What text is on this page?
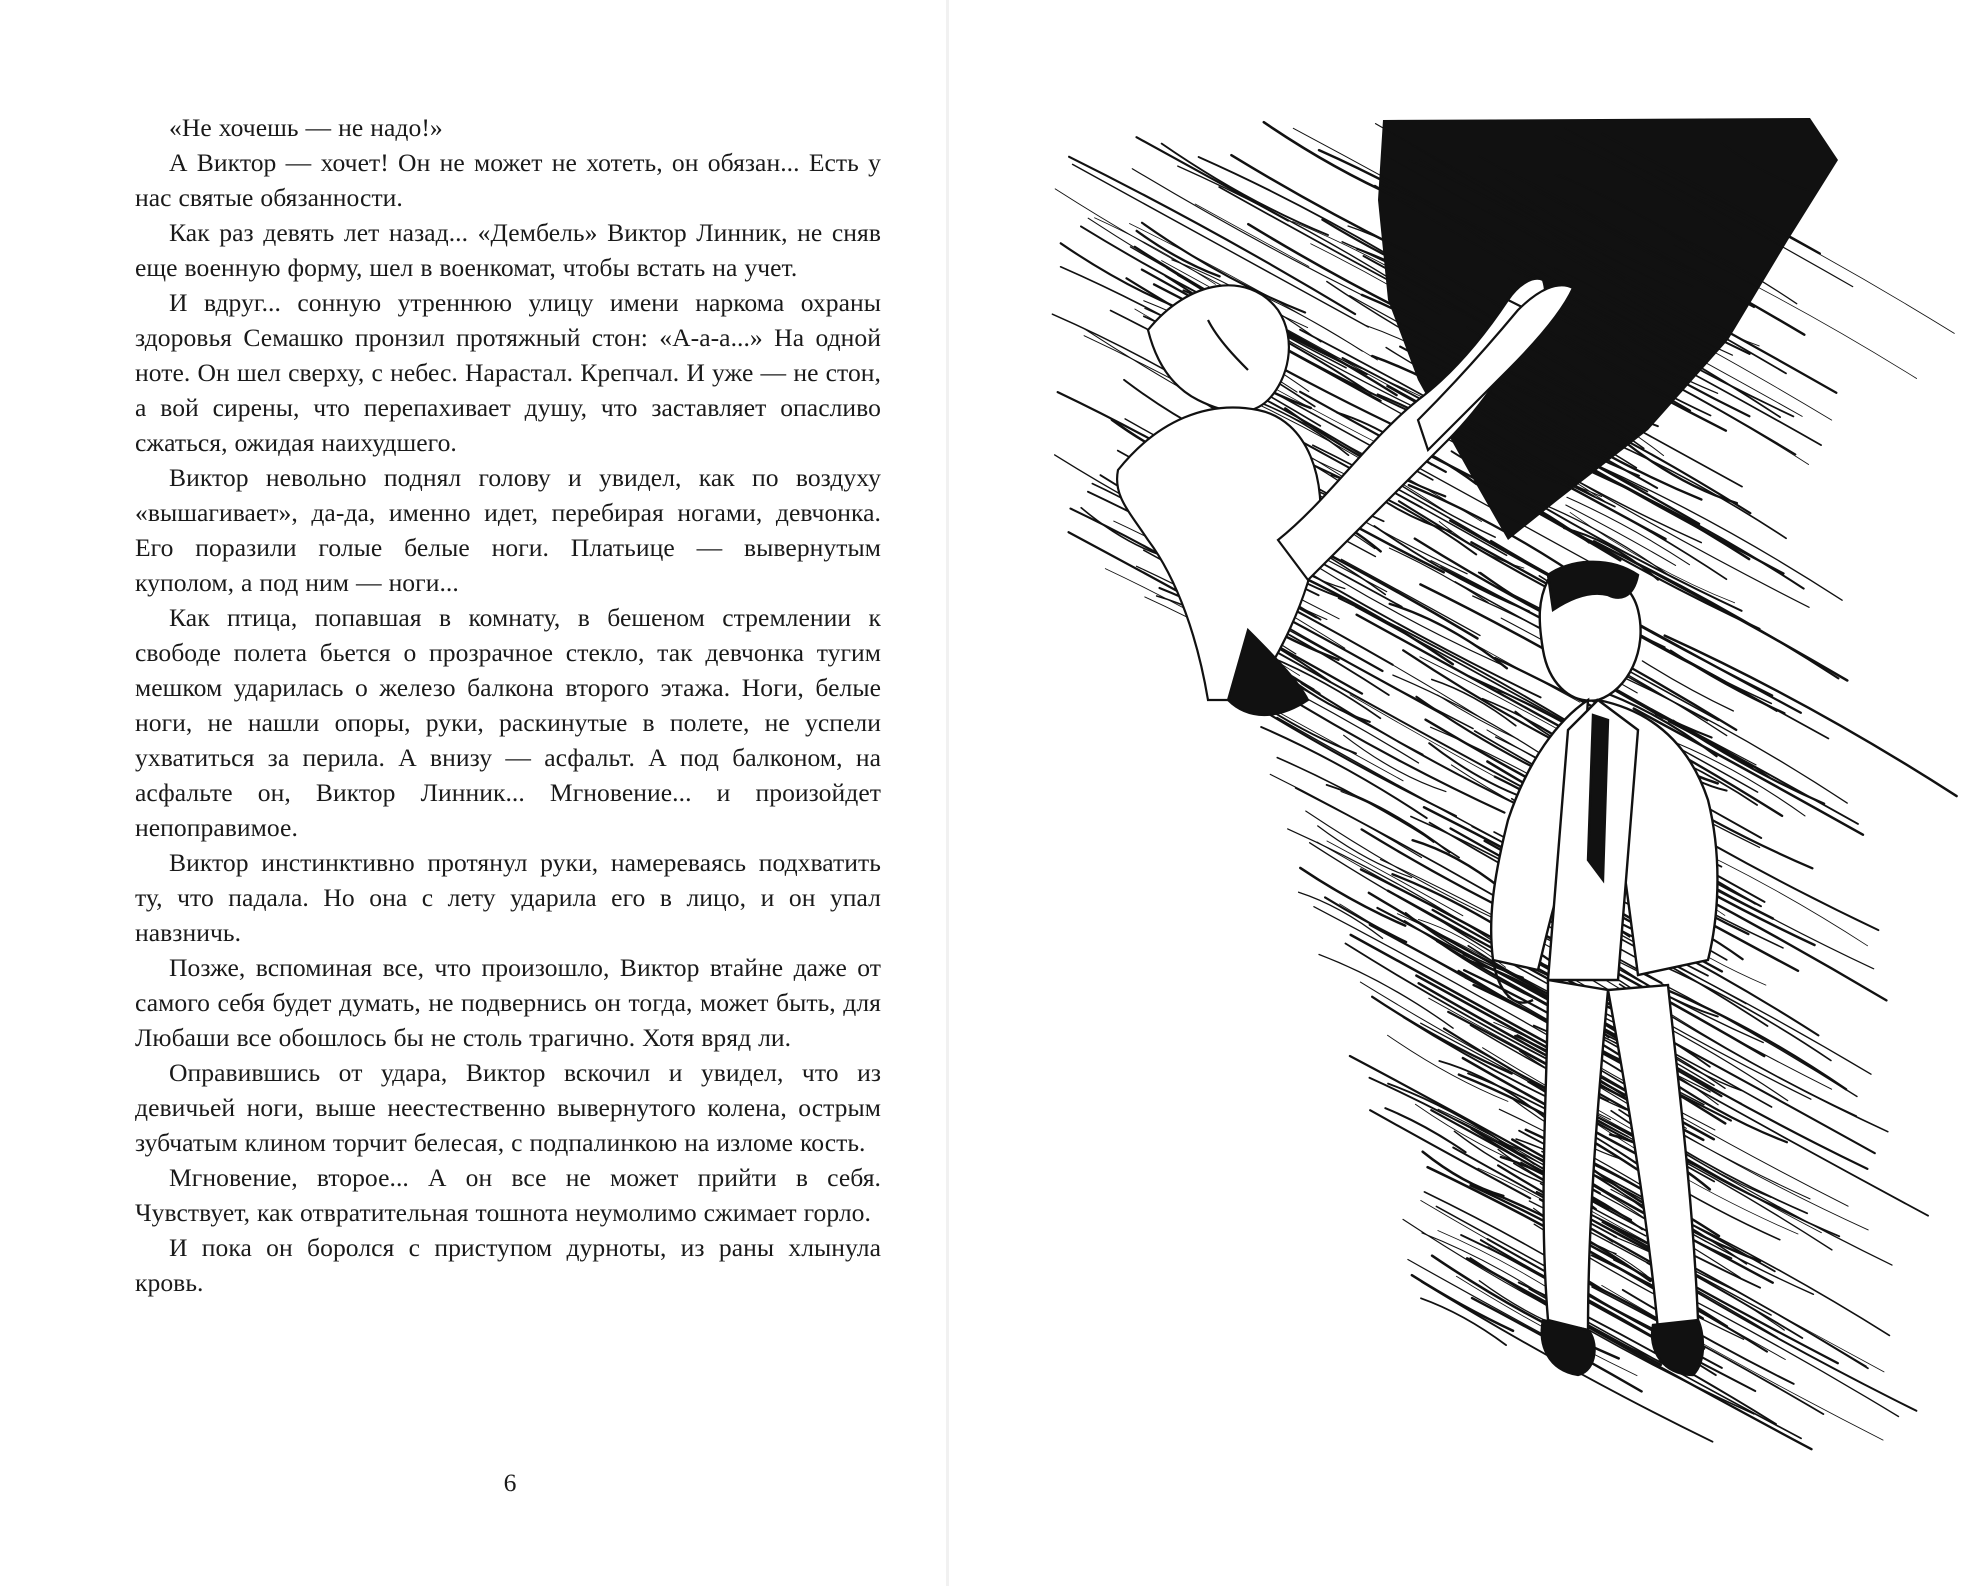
«Не хочешь — не надо!»

А Виктор — хочет! Он не может не хотеть, он обязан... Есть у нас святые обязанности.

Как раз девять лет назад... «Дембель» Виктор Линник, не сняв еще военную форму, шел в военкомат, чтобы встать на учет.

И вдруг... сонную утреннюю улицу имени наркома охраны здоровья Семашко пронзил протяжный стон: «А-а-а...» На одной ноте. Он шел сверху, с небес. Нарастал. Крепчал. И уже — не стон, а вой сирены, что перепахивает душу, что заставляет опасливо сжаться, ожидая наихудшего.

Виктор невольно поднял голову и увидел, как по воздуху «вышагивает», да-да, именно идет, перебирая ногами, девчонка. Его поразили голые белые ноги. Платьице — вывернутым куполом, а под ним — ноги...

Как птица, попавшая в комнату, в бешеном стремлении к свободе полета бьется о прозрачное стекло, так девчонка тугим мешком ударилась о железо балкона второго этажа. Ноги, белые ноги, не нашли опоры, руки, раскинутые в полете, не успели ухватиться за перила. А внизу — асфальт. А под балконом, на асфальте он, Виктор Линник... Мгновение... и произойдет непоправимое.

Виктор инстинктивно протянул руки, намереваясь подхватить ту, что падала. Но она с лету ударила его в лицо, и он упал навзничь.

Позже, вспоминая все, что произошло, Виктор втайне даже от самого себя будет думать, не подвернись он тогда, может быть, для Любаши все обошлось бы не столь трагично. Хотя вряд ли.

Оправившись от удара, Виктор вскочил и увидел, что из девичьей ноги, выше неестественно вывернутого колена, острым зубчатым клином торчит белесая, с подпалинкою на изломе кость.

Мгновение, второе... А он все не может прийти в себя. Чувствует, как отвратительная тошнота неумолимо сжимает горло.

И пока он боролся с приступом дурноты, из раны хлынула кровь.

6
